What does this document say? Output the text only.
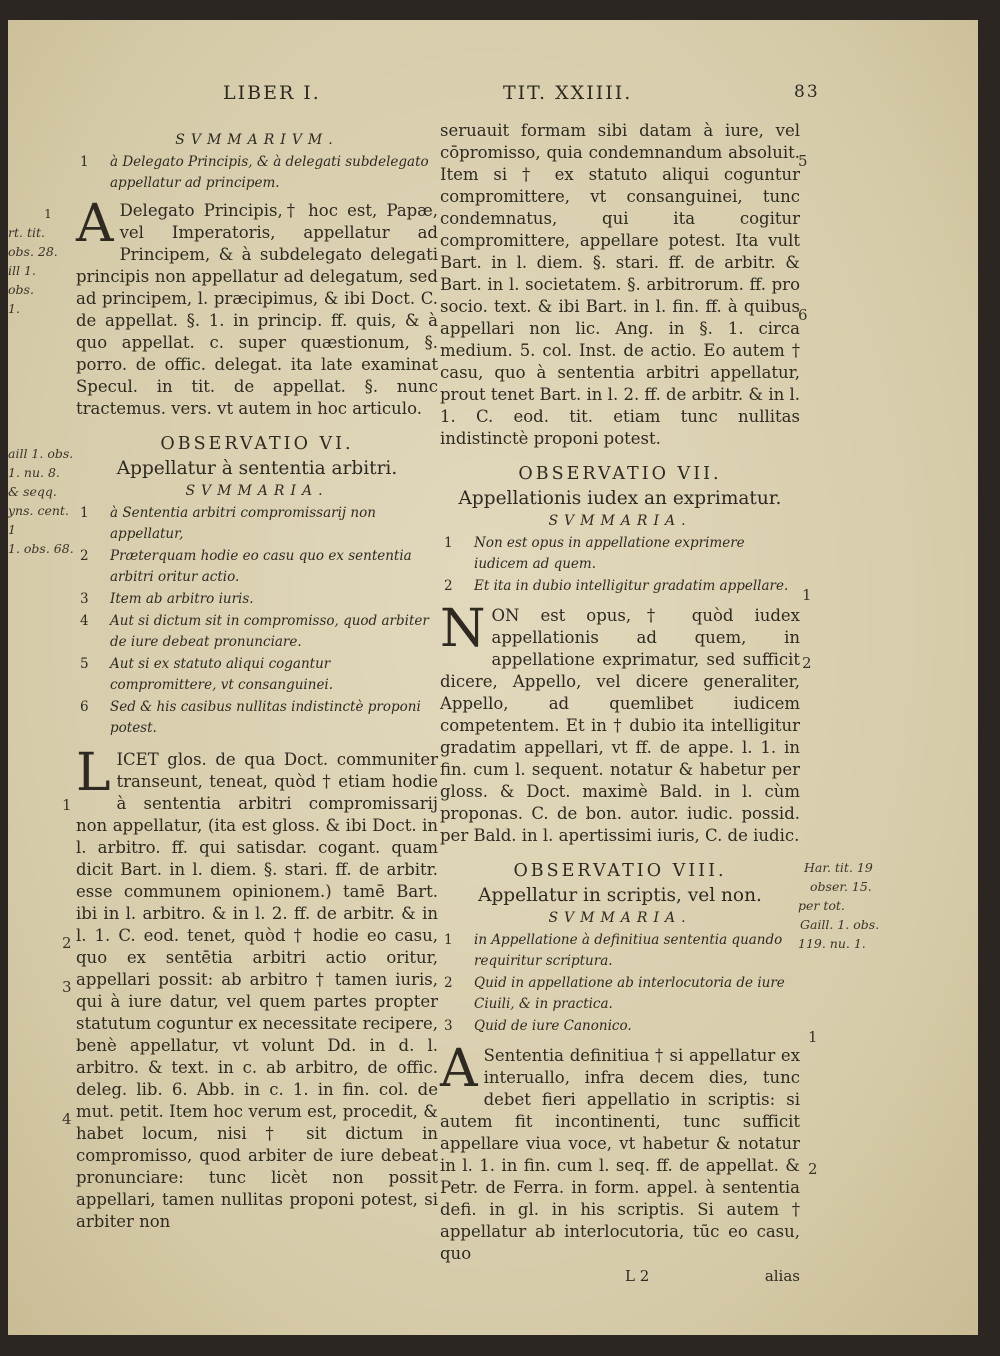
LIBER I.	TIT. XXIIII.	83
1
rt. tit.
obs. 28.
ill 1. obs.
1.
aill 1. obs.
1. nu. 8.
& seqq.
yns. cent. 1
1. obs. 68.
1
2
3
4
5
6
1
2
1
2
Har. tit. 19
obser. 15.
per tot.
Gaill. 1. obs.
119. nu. 1.
SVMMARIVM.
1 à Delegato Principis, & à delegati subdelegato appellatur ad principem.
A Delegato Principis,† hoc est, Papæ, vel Imperatoris, appellatur ad Principem, & à subdelegato delegati principis non appellatur ad delegatum, sed ad principem, l. præcipimus, & ibi Doct. C. de appellat. §. 1. in princip. ff. quis, & à quo appellat. c. super quæstionum, §. porro. de offic. delegat. ita late examinat Specul. in tit. de appellat. §. nunc tractemus. vers. vt autem in hoc articulo.

OBSERVATIO VI.
Appellatur à sententia arbitri.
SVMMARIA.
1 à Sententia arbitri compromissarij non appellatur,
2 Præterquam hodie eo casu quo ex sententia arbitri oritur actio.
3 Item ab arbitro iuris.
4 Aut si dictum sit in compromisso, quod arbiter de iure debeat pronunciare.
5 Aut si ex statuto aliqui cogantur compromittere, vt consanguinei.
6 Sed & his casibus nullitas indistinctè proponi potest.
L ICET glos. de qua Doct. communiter transeunt, teneat, quòd † etiam hodie à sententia arbitri compromissarij non appellatur, (ita est gloss. & ibi Doct. in l. arbitro. ff. qui satisdar. cogant. quam dicit Bart. in l. diem. §. stari. ff. de arbitr. esse communem opinionem.) tamē Bart. ibi in l. arbitro. & in l. 2. ff. de arbitr. & in l. 1. C. eod. tenet, quòd † hodie eo casu, quo ex sentētia arbitri actio oritur, appellari possit: ab arbitro † tamen iuris, qui à iure datur, vel quem partes propter statutum coguntur ex necessitate recipere, benè appellatur, vt volunt Dd. in d. l. arbitro. & text. in c. ab arbitro, de offic. deleg. lib. 6. Abb. in c. 1. in fin. col. de mut. petit. Item hoc verum est, procedit, & habet locum, nisi † sit dictum in compromisso, quod arbiter de iure debeat pronunciare: tunc licèt non possit appellari, tamen nullitas proponi potest, si arbiter non

seruauit formam sibi datam à iure, vel cōpromisso, quia condemnandum absoluit. Item si † ex statuto aliqui coguntur compromittere, vt consanguinei, tunc condemnatus, qui ita cogitur compromittere, appellare potest. Ita vult Bart. in l. diem. §. stari. ff. de arbitr. & Bart. in l. societatem. §. arbitrorum. ff. pro socio. text. & ibi Bart. in l. fin. ff. à quibus appellari non lic. Ang. in §. 1. circa medium. 5. col. Inst. de actio. Eo autem † casu, quo à sententia arbitri appellatur, prout tenet Bart. in l. 2. ff. de arbitr. & in l. 1. C. eod. tit. etiam tunc nullitas indistinctè proponi potest.

OBSERVATIO VII.
Appellationis iudex an exprimatur.
SVMMARIA.
1 Non est opus in appellatione exprimere iudicem ad quem.
2 Et ita in dubio intelligitur gradatim appellare.
N ON est opus,† quòd iudex appellationis ad quem, in appellatione exprimatur, sed sufficit dicere, Appello, vel dicere generaliter, Appello, ad quemlibet iudicem competentem. Et in † dubio ita intelligitur gradatim appellari, vt ff. de appe. l. 1. in fin. cum l. sequent. notatur & habetur per gloss. & Doct. maximè Bald. in l. cùm proponas. C. de bon. autor. iudic. possid. per Bald. in l. apertissimi iuris, C. de iudic.

OBSERVATIO VIII.
Appellatur in scriptis, vel non.
SVMMARIA.
1 in Appellatione à definitiua sententia quando requiritur scriptura.
2 Quid in appellatione ab interlocutoria de iure Ciuili, & in practica.
3 Quid de iure Canonico.
A Sententia definitiua † si appellatur ex interuallo, infra decem dies, tunc debet fieri appellatio in scriptis: si autem fit incontinenti, tunc sufficit appellare viua voce, vt habetur & notatur in l. 1. in fin. cum l. seq. ff. de appellat. & Petr. de Ferra. in form. appel. à sententia defi. in gl. in his scriptis. Si autem † appellatur ab interlocutoria, tūc eo casu, quo

L 2	alias
